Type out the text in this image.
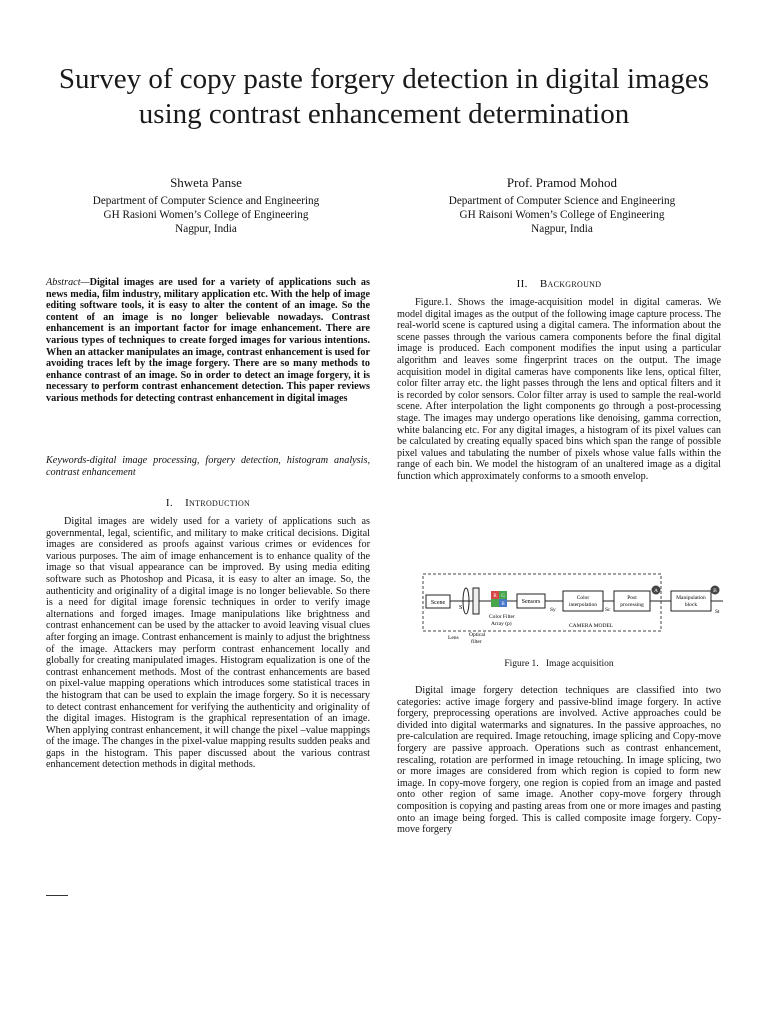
Survey of copy paste forgery detection in digital images using contrast enhancement determination
Shweta Panse
Department of Computer Science and Engineering
GH Rasioni Women’s College of Engineering
Nagpur, India
Prof. Pramod Mohod
Department of Computer Science and Engineering
GH Raisoni Women’s College of Engineering
Nagpur, India
Abstract—Digital images are used for a variety of applications such as news media, film industry, military application etc. With the help of image editing software tools, it is easy to alter the content of an image. So the content of an image is no longer believable nowadays. Contrast enhancement is an important factor for image enhancement. There are various types of techniques to create forged images for various intentions. When an attacker manipulates an image, contrast enhancement is used for avoiding traces left by the image forgery. There are so many methods to enhance contrast of an image. So in order to detect an image forgery, it is necessary to perform contrast enhancement detection. This paper reviews various methods for detecting contrast enhancement in digital images
Keywords-digital image processing, forgery detection, histogram analysis, contrast enhancement
I. Introduction
Digital images are widely used for a variety of applications such as governmental, legal, scientific, and military to make critical decisions. Digital images are considered as proofs against various crimes or evidences for various purposes. The aim of image enhancement is to enhance quality of the image so that visual appearance can be improved. By using media editing software such as Photoshop and Picasa, it is easy to alter an image. So, the authenticity and originality of a digital image is no longer believable. So there is a need for digital image forensic techniques in order to verify image alternations and forged images. Image manipulations like brightness and contrast enhancement can be used by the attacker to avoid leaving visual clues after forging an image. Contrast enhancement is mainly to adjust the brightness of the image. Attackers may perform contrast enhancement locally and globally for creating manipulated images. Histogram equalization is one of the contrast enhancement methods. Most of the contrast enhancements are based on pixel-value mapping operations which introduces some statistical traces in the histogram that can be used to explain the image forgery. So it is necessary to detect contrast enhancement for verifying the authenticity and originality of the digital images. Histogram is the graphical representation of an image. When applying contrast enhancement, it will change the pixel –value mappings of the image. The changes in the pixel-value mapping results sudden peaks and gaps in the histogram. This paper discussed about the various contrast enhancement detection methods in digital methods.
II. Background
Figure.1. Shows the image-acquisition model in digital cameras. We model digital images as the output of the following image capture process. The real-world scene is captured using a digital camera. The information about the scene passes through the various camera components before the final digital image is produced. Each component modifies the input using a particular algorithm and leaves some fingerprint traces on the output. The image acquisition model in digital cameras have components like lens, optical filter, color filter array etc. the light passes through the lens and optical filters and it is recorded by color sensors. Color filter array is used to sample the real-world scene. After interpolation the light components go through a post-processing stage. The images may undergo operations like denoising, gamma correction, white balancing etc. For any digital images, a histogram of its pixel values can be calculated by creating equally spaced bins which span the range of possible pixel values and tabulating the number of pixels whose value falls within the range of each bin. We model the histogram of an unaltered image as a digital function which approximately conforms to a smooth envelop.
Scene
S
Lens Optical
filter
R G
B
Color Filter
Array (p)
Sensors
Sy
Color
interpolation
Sc
Post
processing
A
Manipulation
block
B
St
CAMERA MODEL
Figure 1. Image acquisition
Digital image forgery detection techniques are classified into two categories: active image forgery and passive-blind image forgery. In active forgery, preprocessing operations are involved. Active approaches could be divided into digital watermarks and signatures. In the passive approaches, no pre-calculation are required. Image retouching, image splicing and Copy-move forgery are passive approach. Operations such as contrast enhancement, rescaling, rotation are performed in image retouching. In image splicing, two or more images are considered from which region is copied to form new image. In copy-move forgery, one region is copied from an image and pasted onto other region of same image. Another copy-move forgery through composition is copying and pasting areas from one or more images and pasting onto an image being forged. This is called composite image forgery. Copy-move forgery
